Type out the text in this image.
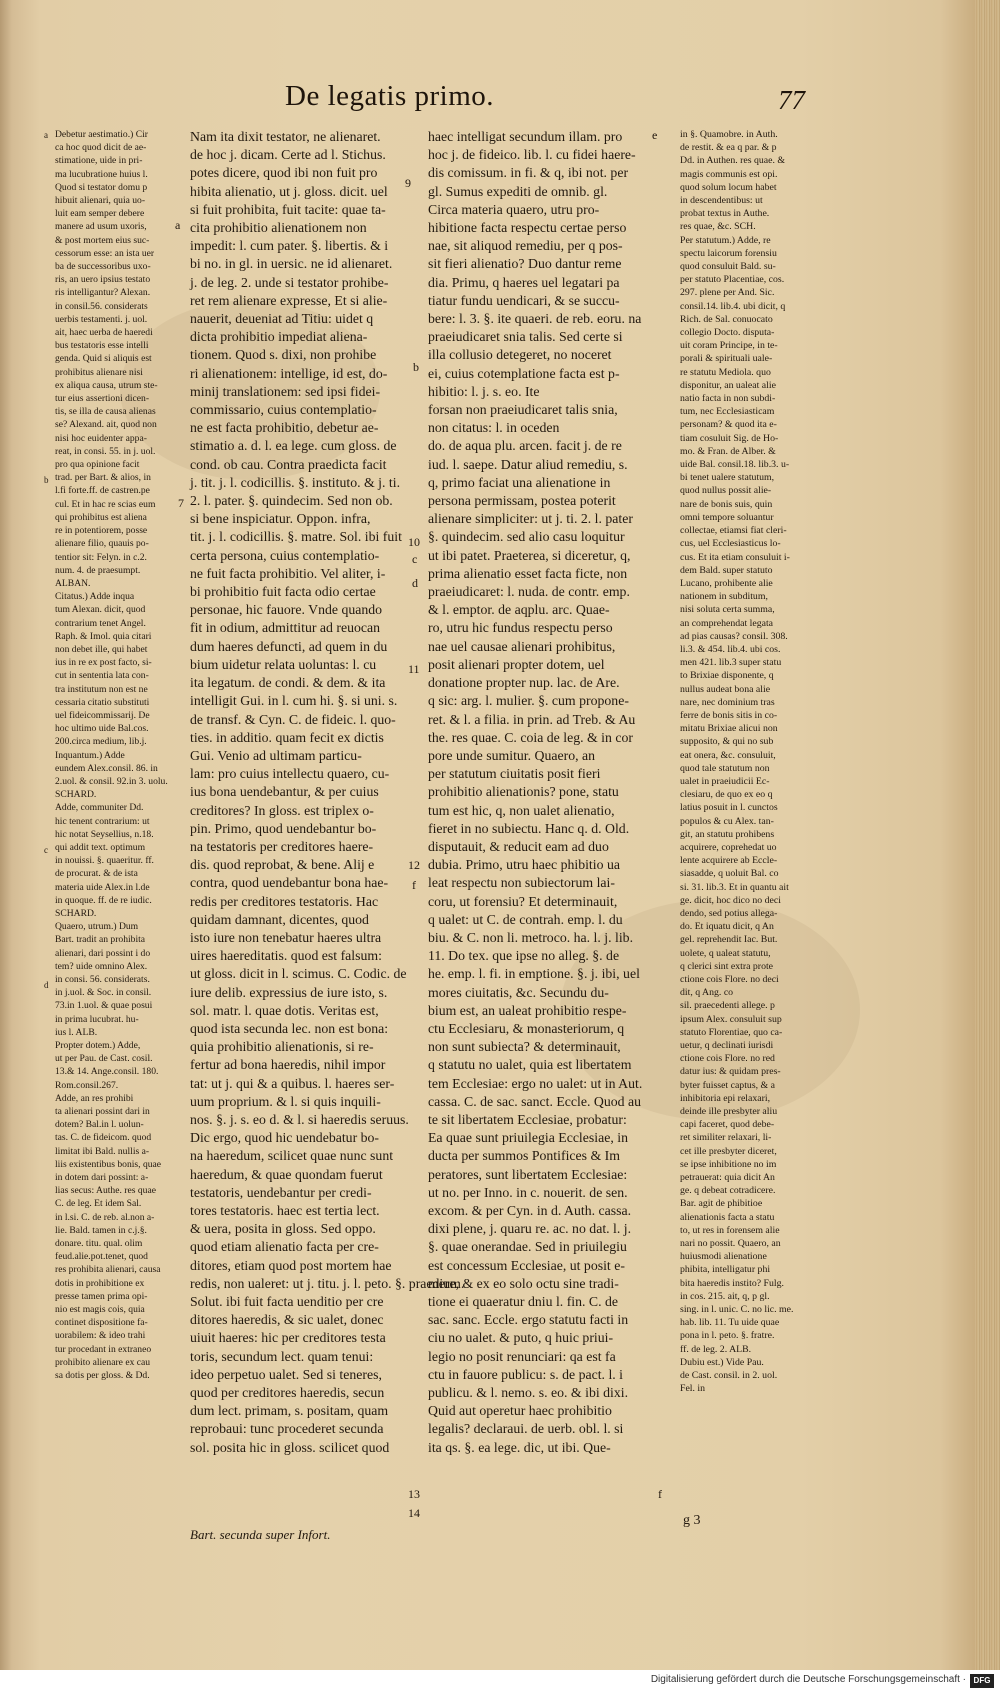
De legatis primo.	77
Debetur aestimatio.) Cir
ca hoc quod dicit de ae-
stimatione, uide in pri-
ma lucubratione huius l.
Quod si testator domu p
hibuit alienari, quia uo-
luit eam semper debere
manere ad usum uxoris,
& post mortem eius suc-
cessorum esse: an ista uer
ba de successoribus uxo-
ris, an uero ipsius testato
ris intelligantur? Alexan.
in consil.56. considerats
uerbis testamenti. j. uol.
ait, haec uerba de haeredi
bus testatoris esse intelli
genda. Quid si aliquis est
prohibitus alienare nisi
ex aliqua causa, utrum ste-
tur eius assertioni dicen-
tis, se illa de causa alienas
se? Alexand. ait, quod non
nisi hoc euidenter appa-
reat, in consi. 55. in j. uol.
pro qua opinione facit
trad. per Bart. & alios, in
l.fi forte.ff. de castren.pe
cul. Et in hac re scias eum
qui prohibitus est aliena
re in potentiorem, posse
alienare filio, quauis po-
tentior sit: Felyn. in c.2.
num. 4. de praesumpt.
ALBAN.
Citatus.) Adde inqua
tum Alexan. dicit, quod
contrarium tenet Angel.
Raph. & Imol. quia citari
non debet ille, qui habet
ius in re ex post facto, si-
cut in sententia lata con-
tra institutum non est ne
cessaria citatio substituti
uel fideicommissarij. De
hoc ultimo uide Bal.cos.
200.circa medium, lib.j.
Inquantum.) Adde
eundem Alex.consil. 86. in
2.uol. & consil. 92.in 3. uolu.
SCHARD.
Adde, communiter Dd.
hic tenent contrarium: ut
hic notat Seysellius, n.18.
qui addit text. optimum
in nouissi. §. quaeritur. ff.
de procurat. & de ista
materia uide Alex.in l.de
in quoque. ff. de re iudic.
SCHARD.
Quaero, utrum.) Dum
Bart. tradit an prohibita
alienari, dari possint i do
tem? uide omnino Alex.
in consi. 56. considerats.
in j.uol. & Soc. in consil.
73.in 1.uol. & quae posui
in prima lucubrat. hu-
ius l. ALB.
Propter dotem.) Adde,
ut per Pau. de Cast. cosil.
13.& 14. Ange.consil. 180.
Rom.consil.267.
Adde, an res prohibi
ta alienari possint dari in
dotem? Bal.in l. uolun-
tas. C. de fideicom. quod
limitat ibi Bald. nullis a-
liis existentibus bonis, quae
in dotem dari possint: a-
lias secus: Authe. res quae
C. de leg. Et idem Sal.
in l.si. C. de reb. al.non a-
lie. Bald. tamen in c.j.§.
donare. titu. qual. olim
feud.alie.pot.tenet, quod
res prohibita alienari, causa
dotis in prohibitione ex
presse tamen prima opi-
nio est magis cois, quia
continet dispositione fa-
uorabilem: & ideo trahi
tur procedant in extraneo
prohibito alienare ex cau
sa dotis per gloss. & Dd.
Nam ita dixit testator, ne alienaret.
de hoc j. dicam. Certe ad l. Stichus.
potes dicere, quod ibi non fuit pro
hibita alienatio, ut j. gloss. dicit. uel
si fuit prohibita, fuit tacite: quae ta-
cita prohibitio alienationem non
impedit: l. cum pater. §. libertis. & i
bi no. in gl. in uersic. ne id alienaret.
j. de leg. 2. unde si testator prohibe-
ret rem alienare expresse, Et si alie-
nauerit, deueniat ad Titiu: uidet q
dicta prohibitio impediat aliena-
tionem. Quod s. dixi, non prohibe
ri alienationem: intellige, id est, do-
minij translationem: sed ipsi fidei-
commissario, cuius contemplatio-
ne est facta prohibitio, debetur ae-
stimatio a. d. l. ea lege. cum gloss. de
cond. ob cau. Contra praedicta facit
j. tit. j. l. codicillis. §. instituto. & j. ti.
2. l. pater. §. quindecim. Sed non ob.
si bene inspiciatur. Oppon. infra,
tit. j. l. codicillis. §. matre. Sol. ibi fuit
certa persona, cuius contemplatio-
ne fuit facta prohibitio. Vel aliter, i-
bi prohibitio fuit facta odio certae
personae, hic fauore. Vnde quando
fit in odium, admittitur ad reuocan
dum haeres defuncti, ad quem in du
bium uidetur relata uoluntas: l. cu
ita legatum. de condi. & dem. & ita
intelligit Gui. in l. cum hi. §. si uni. s.
de transf. & Cyn. C. de fideic. l. quo-
ties. in additio. quam fecit ex dictis
Gui. Venio ad ultimam particu-
lam: pro cuius intellectu quaero, cu-
ius bona uendebantur, & per cuius
creditores? In gloss. est triplex o-
pin. Primo, quod uendebantur bo-
na testatoris per creditores haere-
dis. quod reprobat, & bene. Alij e
contra, quod uendebantur bona hae-
redis per creditores testatoris. Hac
quidam damnant, dicentes, quod
isto iure non tenebatur haeres ultra
uires haereditatis. quod est falsum:
ut gloss. dicit in l. scimus. C. Codic. de
iure delib. expressius de iure isto, s.
sol. matr. l. quae dotis. Veritas est,
quod ista secunda lec. non est bona:
quia prohibitio alienationis, si re-
fertur ad bona haeredis, nihil impor
tat: ut j. qui & a quibus. l. haeres ser-
uum proprium. & l. si quis inquili-
nos. §. j. s. eo d. & l. si haeredis seruus.
Dic ergo, quod hic uendebatur bo-
na haeredum, scilicet quae nunc sunt
haeredum, & quae quondam fuerut
testatoris, uendebantur per credi-
tores testatoris. haec est tertia lect.
& uera, posita in gloss. Sed oppo.
quod etiam alienatio facta per cre-
ditores, etiam quod post mortem hae
redis, non ualeret: ut j. titu. j. l. peto. §. praedium.
Solut. ibi fuit facta uenditio per cre
ditores haeredis, & sic ualet, donec
uiuit haeres: hic per creditores testa
toris, secundum lect. quam tenui:
ideo perpetuo ualet. Sed si teneres,
quod per creditores haeredis, secun
dum lect. primam, s. positam, quam
reprobaui: tunc procederet secunda
sol. posita hic in gloss. scilicet quod
haec intelligat secundum illam. pro
hoc j. de fideico. lib. l. cu fidei haere-
dis comissum. in fi. & q, ibi not. per
gl. Sumus expediti de omnib. gl.
Circa materia quaero, utru pro-
hibitione facta respectu certae perso
nae, sit aliquod remediu, per q pos-
sit fieri alienatio? Duo dantur reme
dia. Primu, q haeres uel legatari pa
tiatur fundu uendicari, & se succu-
bere: l. 3. §. ite quaeri. de reb. eoru. na
praeiudicaret snia talis. Sed certe si
illa collusio detegeret, no noceret
ei, cuius cotemplatione facta est p-
hibitio: l. j. s. eo. Ite
forsan non praeiudicaret talis snia,
non citatus: l. in oceden
do. de aqua plu. arcen. facit j. de re
iud. l. saepe. Datur aliud remediu, s.
q, primo faciat una alienatione in
persona permissam, postea poterit
alienare simpliciter: ut j. ti. 2. l. pater
§. quindecim. sed alio casu loquitur
ut ibi patet. Praeterea, si diceretur, q,
prima alienatio esset facta ficte, non
praeiudicaret: l. nuda. de contr. emp.
& l. emptor. de aqplu. arc. Quae-
ro, utru hic fundus respectu perso
nae uel causae alienari prohibitus,
posit alienari propter dotem, uel
donatione propter nup. lac. de Are.
q sic: arg. l. mulier. §. cum propone-
ret. & l. a filia. in prin. ad Treb. & Au
the. res quae. C. coia de leg. & in cor
pore unde sumitur. Quaero, an
per statutum ciuitatis posit fieri
prohibitio alienationis? pone, statu
tum est hic, q, non ualet alienatio,
fieret in no subiectu. Hanc q. d. Old.
disputauit, & reducit eam ad duo
dubia. Primo, utru haec phibitio ua
leat respectu non subiectorum lai-
coru, ut forensiu? Et determinauit,
q ualet: ut C. de contrah. emp. l. du
biu. & C. non li. metroco. ha. l. j. lib.
11. Do tex. que ipse no alleg. §. de
he. emp. l. fi. in emptione. §. j. ibi, uel
mores ciuitatis, &c. Secundu du-
bium est, an ualeat prohibitio respe-
ctu Ecclesiaru, & monasteriorum, q
non sunt subiecta? & determinauit,
q statutu no ualet, quia est libertatem
tem Ecclesiae: ergo no ualet: ut in Aut.
cassa. C. de sac. sanct. Eccle. Quod au
te sit libertatem Ecclesiae, probatur:
Ea quae sunt priuilegia Ecclesiae, in
ducta per summos Pontifices & Im
peratores, sunt libertatem Ecclesiae:
ut no. per Inno. in c. nouerit. de sen.
excom. & per Cyn. in d. Auth. cassa.
dixi plene, j. quaru re. ac. no dat. l. j.
§. quae onerandae. Sed in priuilegiu
est concessum Ecclesiae, ut posit e-
mere, & ex eo solo octu sine tradi-
tione ei quaeratur dniu l. fin. C. de
sac. sanc. Eccle. ergo statutu facti in
ciu no ualet. & puto, q huic priui-
legio no posit renunciari: qa est fa
ctu in fauore publicu: s. de pact. l. i
publicu. & l. nemo. s. eo. & ibi dixi.
Quid aut operetur haec prohibitio
legalis? declaraui. de uerb. obl. l. si
ita qs. §. ea lege. dic, ut ibi. Que-
in §. Quamobre. in Auth.
de restit. & ea q par. & p
Dd. in Authen. res quae. &
magis communis est opi.
quod solum locum habet
in descendentibus: ut
probat textus in Authe.
res quae, &c. SCH.
Per statutum.) Adde, re
spectu laicorum forensiu
quod consuluit Bald. su-
per statuto Placentiae, cos.
297. plene per And. Sic.
consil.14. lib.4. ubi dicit, q
Rich. de Sal. conuocato
collegio Docto. disputa-
uit coram Principe, in te-
porali & spirituali uale-
re statutu Mediola. quo
disponitur, an ualeat alie
natio facta in non subdi-
tum, nec Ecclesiasticam
personam? & quod ita e-
tiam cosuluit Sig. de Ho-
mo. & Fran. de Alber. &
uide Bal. consil.18. lib.3. u-
bi tenet ualere statutum,
quod nullus possit alie-
nare de bonis suis, quin
omni tempore soluantur
collectae, etiamsi fiat cleri-
cus, uel Ecclesiasticus lo-
cus. Et ita etiam consuluit i-
dem Bald. super statuto
Lucano, prohibente alie
nationem in subditum,
nisi soluta certa summa,
an comprehendat legata
ad pias causas? consil. 308.
li.3. & 454. lib.4. ubi cos.
men 421. lib.3 super statu
to Brixiae disponente, q
nullus audeat bona alie
nare, nec dominium tras
ferre de bonis sitis in co-
mitatu Brixiae alicui non
supposito, & qui no sub
eat onera, &c. consuluit,
quod tale statutum non
ualet in praeiudicii Ec-
clesiaru, de quo ex eo q
latius posuit in l. cunctos
populos & cu Alex. tan-
git, an statutu prohibens
acquirere, coprehedat uo
lente acquirere ab Eccle-
siasadde, q uoluit Bal. co
si. 31. lib.3. Et in quantu ait
ge. dicit, hoc dico no deci
dendo, sed potius allega-
do. Et iquatu dicit, q An
gel. reprehendit Iac. But.
uolete, q ualeat statutu,
q clerici sint extra prote
ctione cois Flore. no deci
dit, q Ang. co
sil. praecedenti allege. p
ipsum Alex. consuluit sup
statuto Florentiae, quo ca-
uetur, q declinati iurisdi
ctione cois Flore. no red
datur ius: & quidam pres-
byter fuisset captus, & a
inhibitoria epi relaxari,
deinde ille presbyter aliu
capi faceret, quod debe-
ret similiter relaxari, li-
cet ille presbyter diceret,
se ipse inhibitione no im
petrauerat: quia dicit An
ge. q debeat cotradicere.
Bar. agit de phibitioe
alienationis facta a statu
to, ut res in forensem alie
nari no possit. Quaero, an
huiusmodi alienatione
phibita, intelligatur phi
bita haeredis instito? Fulg.
in cos. 215. ait, q, p gl.
sing. in l. unic. C. no lic. me.
hab. lib. 11. Tu uide quae
pona in l. peto. §. fratre.
ff. de leg. 2. ALB.
Dubiu est.) Vide Pau.
de Cast. consil. in 2. uol.
Fel. in
9
b
7
10
c
d
11
12
f
13
14
f
a
e
a
b
c
d
Bart. secunda super Infort.
g 3
Digitalisierung gefördert durch die Deutsche Forschungsgemeinschaft · DFG
